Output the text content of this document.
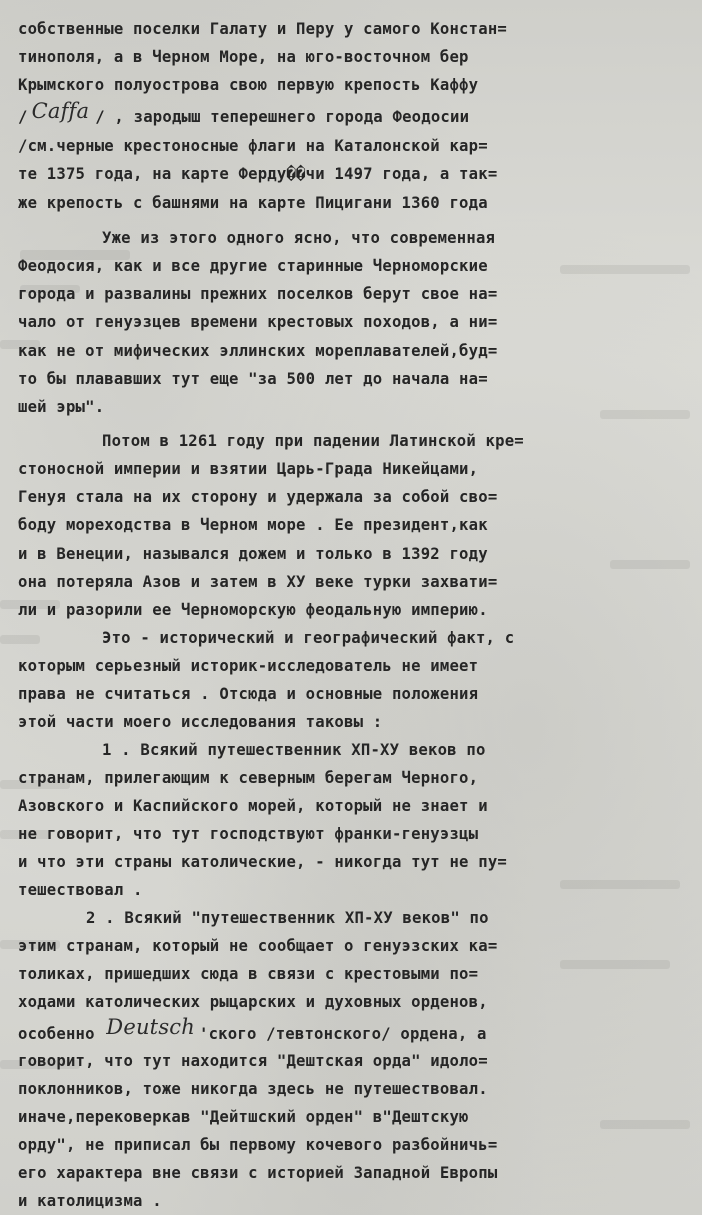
собственные поселки Галату и Перу у самого Констан=
тинополя, а в Черном Море, на юго-восточном бер
Крымского полуострова свою первую крепость Каффу
/ Caffa / , зародыш теперешнего города Феодосии
/см.черные крестоносные флаги на Каталонской кар=
те 1375 года, на карте Ферду��чи 1497 года, а так=
же крепость с башнями на карте Пицигани 1360 года
Уже из этого одного ясно, что современная
Феодосия, как и все другие старинные Черноморские
города и развалины прежних поселков берут свое на=
чало от генуэзцев времени крестовых походов, а ни=
как не от мифических эллинских мореплавателей,буд=
то бы плававших тут еще "за 500 лет до начала на=
шей эры".
Потом в 1261 году при падении Латинской кре=
стоносной империи и взятии Царь-Града Никейцами,
Генуя стала на их сторону и удержала за собой сво=
боду мореходства в Черном море . Ее президент,как
и в Венеции, назывался дожем и только в 1392 году
она потеряла Азов и затем в ХУ веке турки захвати=
ли и разорили ее Черноморскую феодальную империю.
Это - исторический и географический факт, с
которым серьезный историк-исследователь не имеет
права не считаться . Отсюда и основные положения
этой части моего исследования таковы :
1 . Всякий путешественник ХП-ХУ веков по
странам, прилегающим к северным берегам Черного,
Азовского и Каспийского морей, который не знает и
не говорит, что тут господствуют франки-генуэзцы
и что эти страны католические, - никогда тут не пу=
тешествовал .
2 . Всякий "путешественник ХП-ХУ веков" по
этим странам, который не сообщает о генуэзских ка=
толиках, пришедших сюда в связи с крестовыми по=
ходами католических рыцарских и духовных орденов,
особенно Deutsch 'ского /тевтонского/ ордена, а
говорит, что тут находится "Дештская орда" идоло=
поклонников, тоже никогда здесь не путешествовал.
иначе,перековеркав "Дейтшский орден" в"Дештскую
орду", не приписал бы первому кочевого разбойничь=
его характера вне связи с историей Западной Европы
и католицизма .
